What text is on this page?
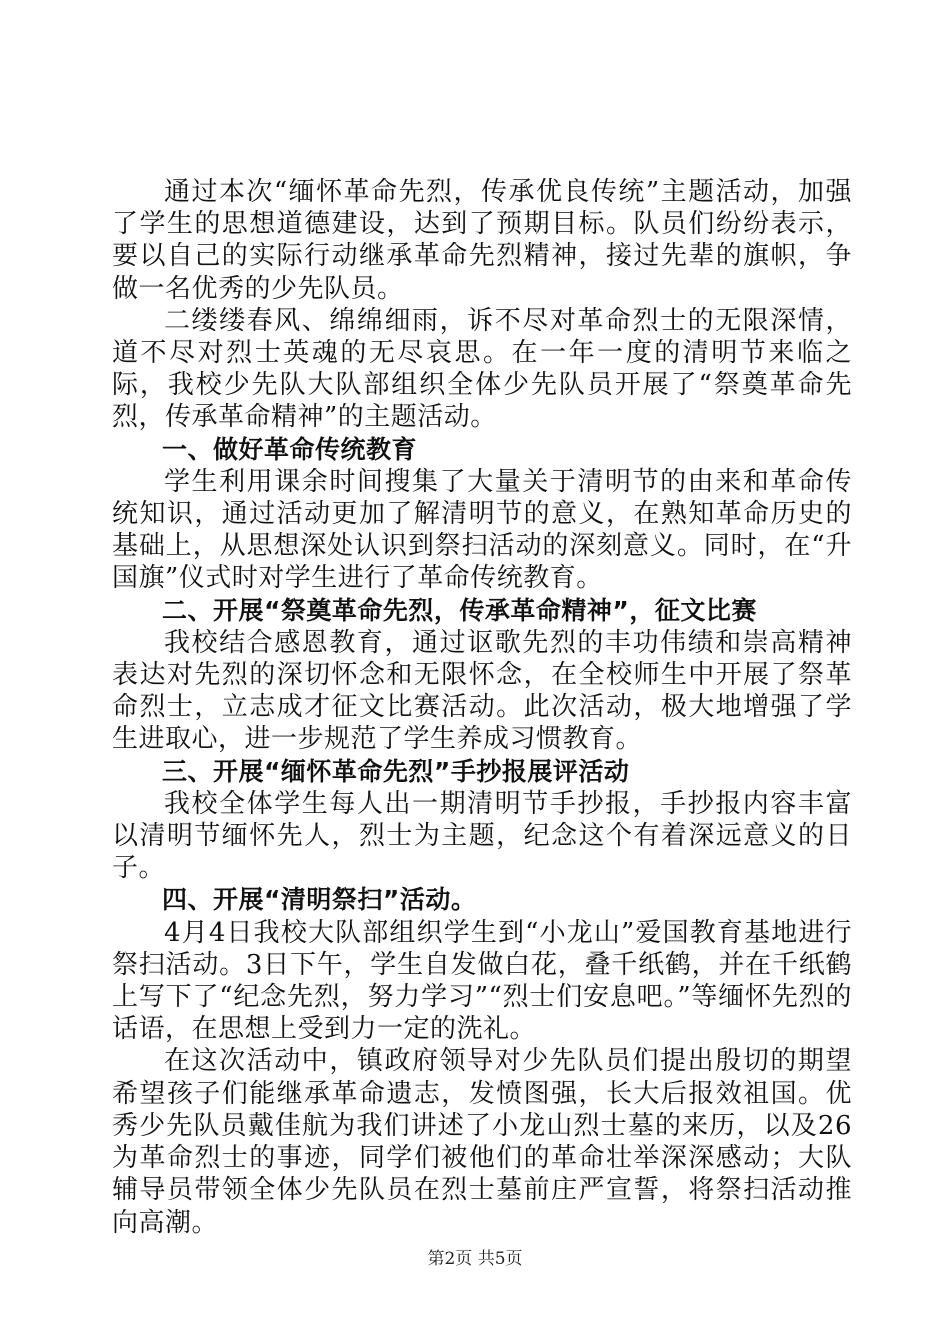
通过本次“缅怀革命先烈，传承优良传统”主题活动，加强了学生的思想道德建设，达到了预期目标。队员们纷纷表示，要以自己的实际行动继承革命先烈精神，接过先辈的旗帜，争做一名优秀的少先队员。

二缕缕春风、绵绵细雨，诉不尽对革命烈士的无限深情，道不尽对烈士英魂的无尽哀思。在一年一度的清明节来临之际，我校少先队大队部组织全体少先队员开展了“祭奠革命先烈，传承革命精神”的主题活动。

一、做好革命传统教育

学生利用课余时间搜集了大量关于清明节的由来和革命传统知识，通过活动更加了解清明节的意义，在熟知革命历史的基础上，从思想深处认识到祭扫活动的深刻意义。同时，在“升国旗”仪式时对学生进行了革命传统教育。

二、开展“祭奠革命先烈，传承革命精神”，征文比赛

我校结合感恩教育，通过讴歌先烈的丰功伟绩和崇高精神表达对先烈的深切怀念和无限怀念，在全校师生中开展了祭革命烈士，立志成才征文比赛活动。此次活动，极大地增强了学生进取心，进一步规范了学生养成习惯教育。

三、开展“缅怀革命先烈”手抄报展评活动

我校全体学生每人出一期清明节手抄报，手抄报内容丰富以清明节缅怀先人，烈士为主题，纪念这个有着深远意义的日子。

四、开展“清明祭扫”活动。

4月4日我校大队部组织学生到“小龙山”爱国教育基地进行祭扫活动。3日下午，学生自发做白花，叠千纸鹤，并在千纸鹤上写下了“纪念先烈，努力学习”“烈士们安息吧。”等缅怀先烈的话语，在思想上受到力一定的洗礼。

在这次活动中，镇政府领导对少先队员们提出殷切的期望希望孩子们能继承革命遗志，发愤图强，长大后报效祖国。优秀少先队员戴佳航为我们讲述了小龙山烈士墓的来历，以及26为革命烈士的事迹，同学们被他们的革命壮举深深感动；大队辅导员带领全体少先队员在烈士墓前庄严宣誓，将祭扫活动推向高潮。

第2页 共5页
